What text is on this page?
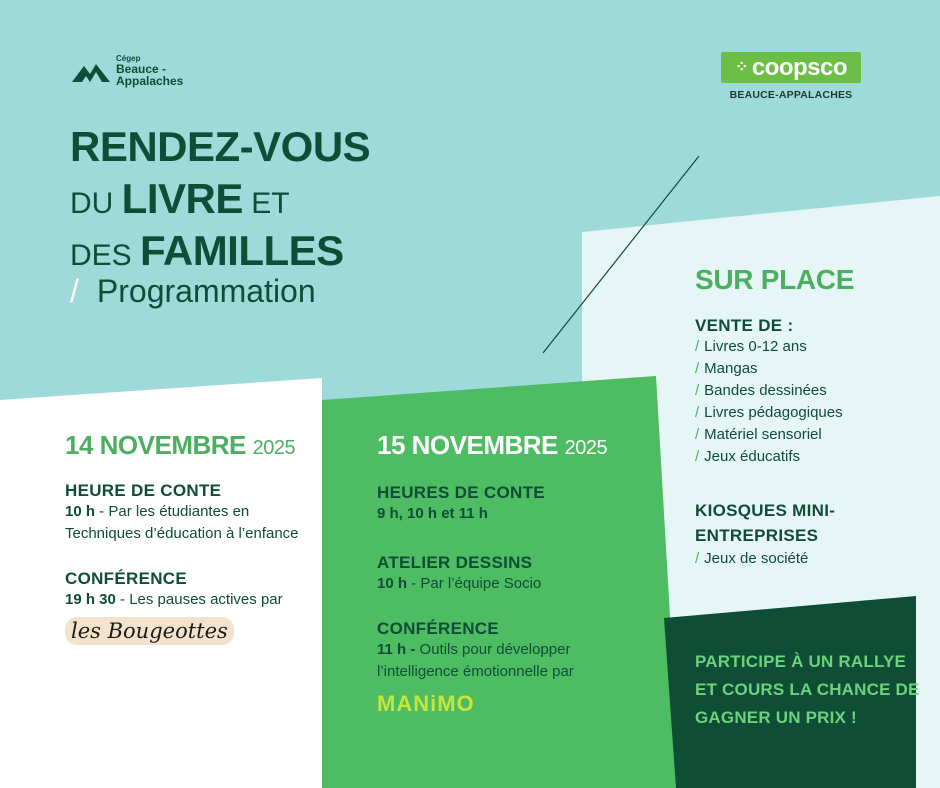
Cégep
Beauce -
Appalaches
⁘ coopsco
BEAUCE-APPALACHES
RENDEZ-VOUS
DU LIVRE ET
DES FAMILLES
/ Programmation
14 NOVEMBRE 2025
HEURE DE CONTE
10 h - Par les étudiantes en Techniques d’éducation à l’enfance
CONFÉRENCE
19 h 30 - Les pauses actives par
les Bougeottes
15 NOVEMBRE 2025
HEURES DE CONTE
9 h, 10 h et 11 h
ATELIER DESSINS
10 h - Par l’équipe Socio
CONFÉRENCE
11 h - Outils pour développer l’intelligence émotionnelle par
MANiMO
SUR PLACE
VENTE DE :
/ Livres 0-12 ans
/ Mangas
/ Bandes dessinées
/ Livres pédagogiques
/ Matériel sensoriel
/ Jeux éducatifs
KIOSQUES MINI-ENTREPRISES
/ Jeux de société
PARTICIPE À UN RALLYE ET COURS LA CHANCE DE GAGNER UN PRIX !
